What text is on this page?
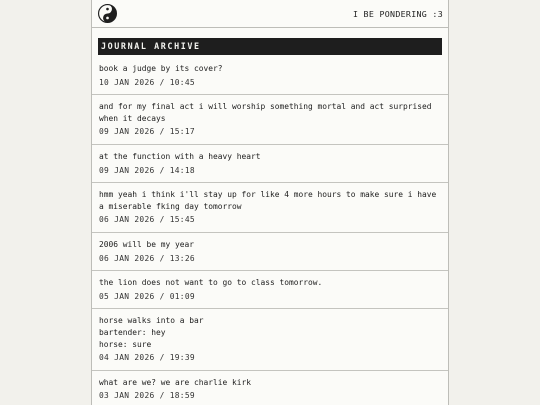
I BE PONDERING :3
JOURNAL ARCHIVE
book a judge by its cover?
10 JAN 2026 / 10:45
and for my final act i will worship something mortal and act surprised when it decays
09 JAN 2026 / 15:17
at the function with a heavy heart
09 JAN 2026 / 14:18
hmm yeah i think i'll stay up for like 4 more hours to make sure i have a miserable fking day tomorrow
06 JAN 2026 / 15:45
2006 will be my year
06 JAN 2026 / 13:26
the lion does not want to go to class tomorrow.
05 JAN 2026 / 01:09
horse walks into a bar
bartender: hey
horse: sure
04 JAN 2026 / 19:39
what are we? we are charlie kirk
03 JAN 2026 / 18:59
